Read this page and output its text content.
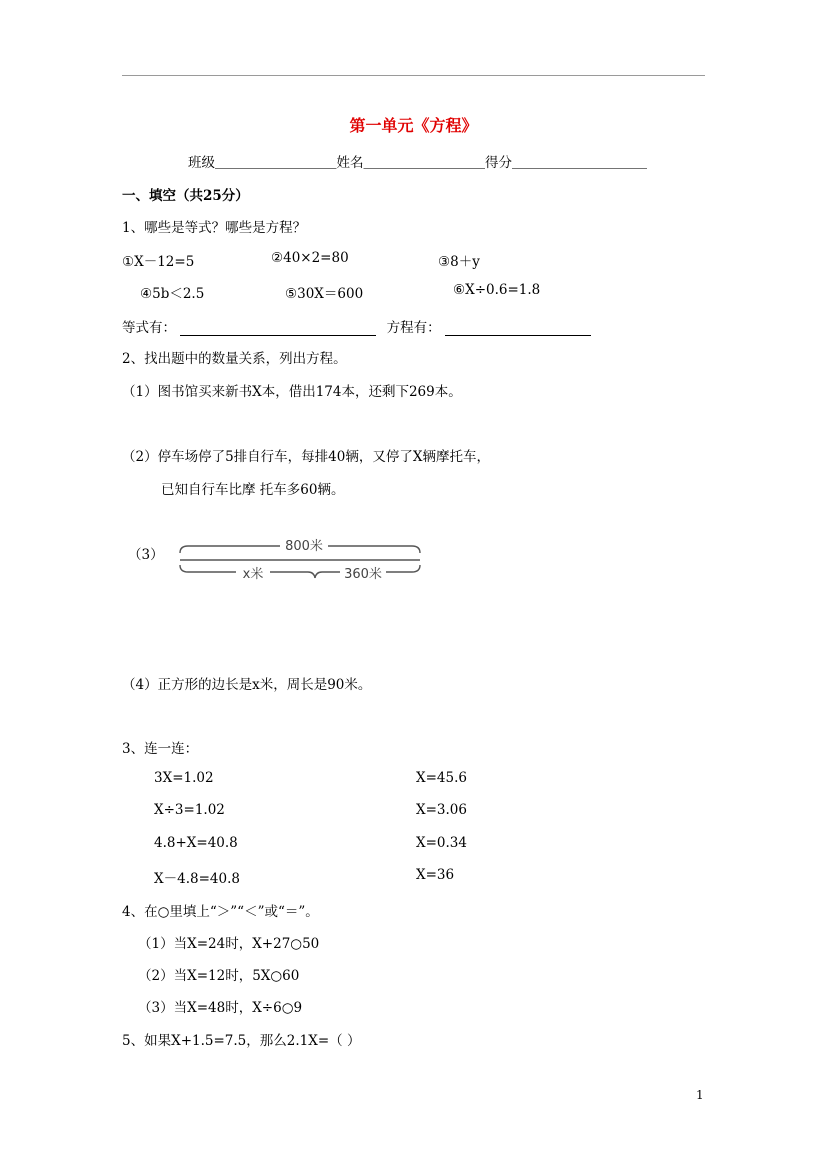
第一单元《方程》
班级＿＿＿＿＿＿＿＿＿姓名＿＿＿＿＿＿＿＿＿得分＿＿＿＿＿＿＿＿＿＿
一、填空（共25分）
1、哪些是等式？哪些是方程？
①Χ－12=5	②40×2=80	③8＋y
④5b＜2.5	⑤30Χ＝600	⑥Χ÷0.6=1.8
等式有：	方程有：
2、找出题中的数量关系，列出方程。
（1）图书馆买来新书Χ本，借出174本，还剩下269本。
（2）停车场停了5排自行车，每排40辆，又停了Χ辆摩托车，
已知自行车比摩 托车多60辆。
（3）
800米
x米	360米
（4）正方形的边长是x米，周长是90米。
3、连一连：
3Χ=1.02
Χ÷3=1.02
4.8+Χ=40.8
Χ－4.8=40.8
Χ=45.6
Χ=3.06
Χ=0.34
Χ=36
4、在○里填上“＞”“＜”或“＝”。
（1）当Χ=24时，Χ+27○50
（2）当Χ=12时，5Χ○60
（3）当Χ=48时，Χ÷6○9
5、如果Χ+1.5=7.5，那么2.1Χ=（ ）
1
